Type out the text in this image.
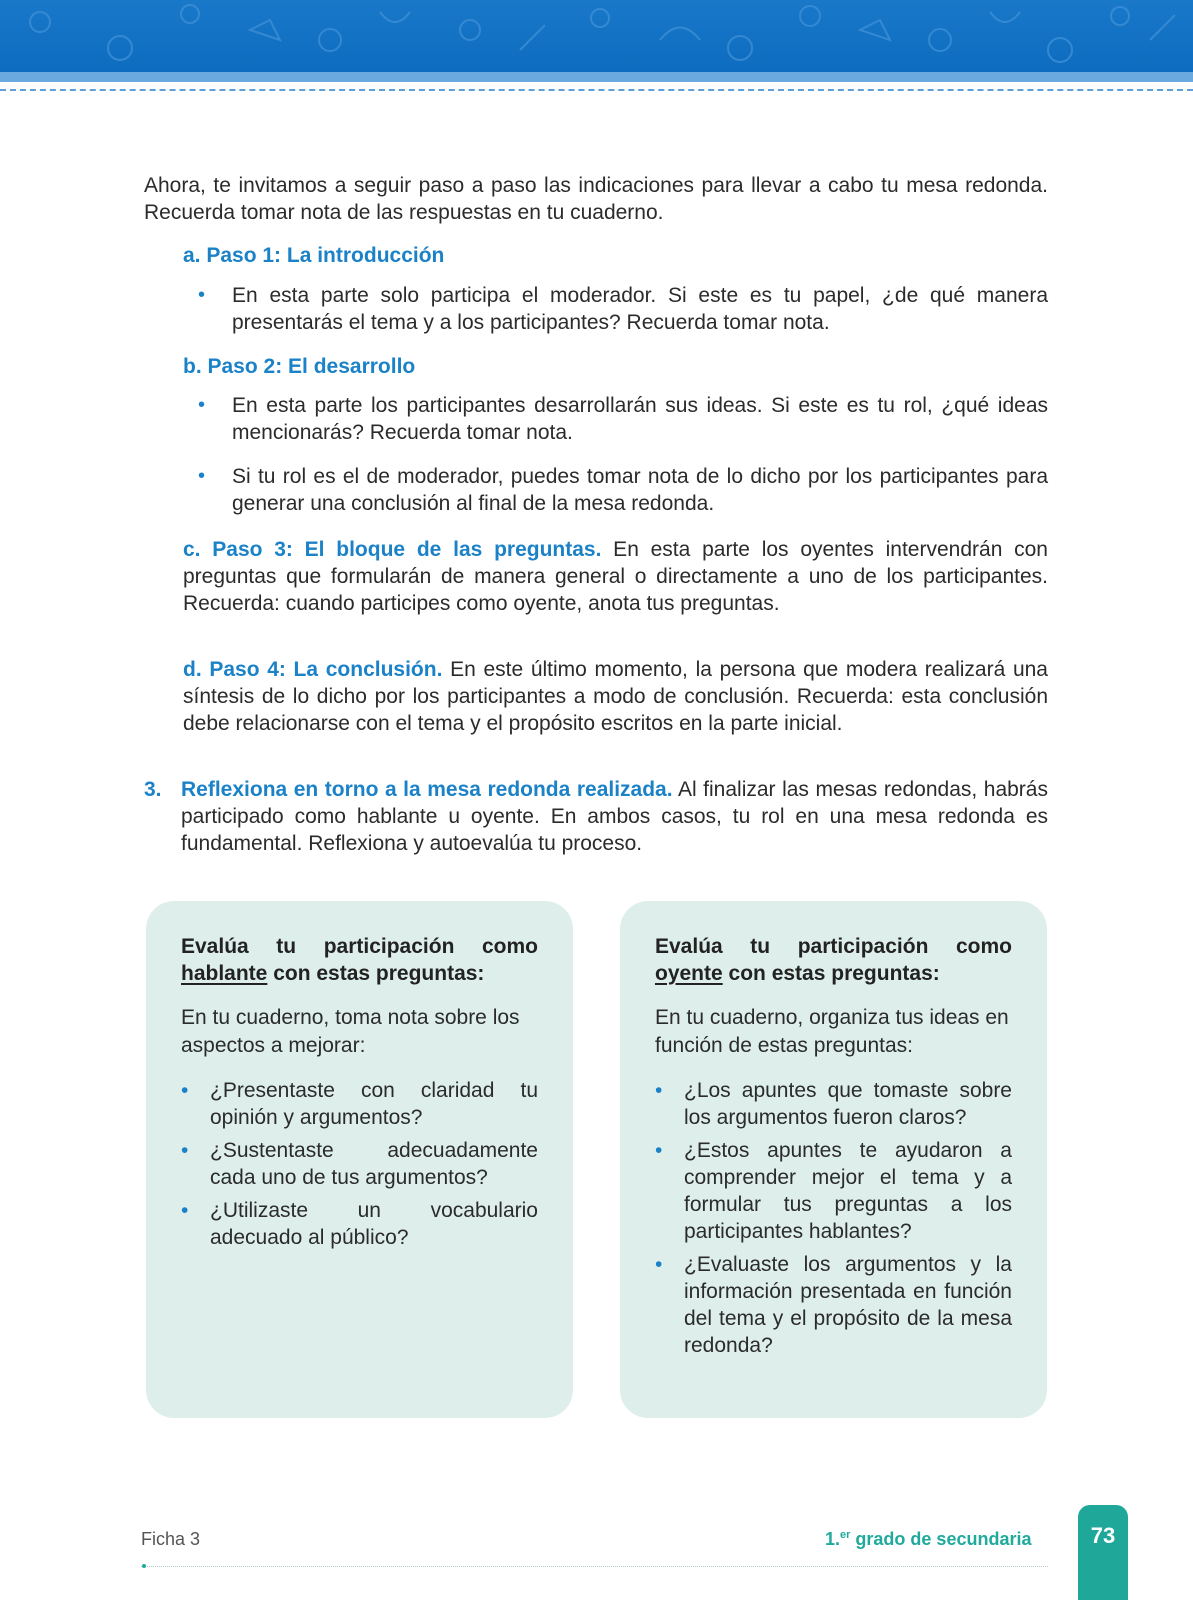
Ahora, te invitamos a seguir paso a paso las indicaciones para llevar a cabo tu mesa redonda. Recuerda tomar nota de las respuestas en tu cuaderno.

a. Paso 1: La introducción

• En esta parte solo participa el moderador. Si este es tu papel, ¿de qué manera presentarás el tema y a los participantes? Recuerda tomar nota.

b. Paso 2: El desarrollo

• En esta parte los participantes desarrollarán sus ideas. Si este es tu rol, ¿qué ideas mencionarás? Recuerda tomar nota.

• Si tu rol es el de moderador, puedes tomar nota de lo dicho por los participantes para generar una conclusión al final de la mesa redonda.

c. Paso 3: El bloque de las preguntas. En esta parte los oyentes intervendrán con preguntas que formularán de manera general o directamente a uno de los participantes. Recuerda: cuando participes como oyente, anota tus preguntas.

d. Paso 4: La conclusión. En este último momento, la persona que modera realizará una síntesis de lo dicho por los participantes a modo de conclusión. Recuerda: esta conclusión debe relacionarse con el tema y el propósito escritos en la parte inicial.

3. Reflexiona en torno a la mesa redonda realizada. Al finalizar las mesas redondas, habrás participado como hablante u oyente. En ambos casos, tu rol en una mesa redonda es fundamental. Reflexiona y autoevalúa tu proceso.

Evalúa tu participación como hablante con estas preguntas:

En tu cuaderno, toma nota sobre los aspectos a mejorar:

• ¿Presentaste con claridad tu opinión y argumentos?
• ¿Sustentaste adecuadamente cada uno de tus argumentos?
• ¿Utilizaste un vocabulario adecuado al público?
Evalúa tu participación como oyente con estas preguntas:

En tu cuaderno, organiza tus ideas en función de estas preguntas:

• ¿Los apuntes que tomaste sobre los argumentos fueron claros?
• ¿Estos apuntes te ayudaron a comprender mejor el tema y a formular tus preguntas a los participantes hablantes?
• ¿Evaluaste los argumentos y la información presentada en función del tema y el propósito de la mesa redonda?
Ficha 3	1.$^{er}$ grado de secundaria	73
